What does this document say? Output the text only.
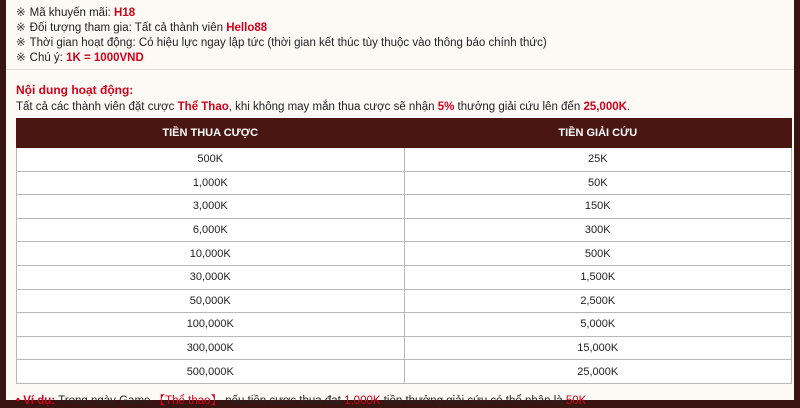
※ Mã khuyến mãi: H18
※ Đối tượng tham gia: Tất cả thành viên Hello88
※ Thời gian hoạt động: Có hiệu lực ngay lập tức (thời gian kết thúc tùy thuộc vào thông báo chính thức)
※ Chú ý: 1K = 1000VND
Nội dung hoạt động:
Tất cả các thành viên đặt cược Thể Thao, khi không may mắn thua cược sẽ nhận 5% thưởng giải cứu lên đến 25,000K.
TIỀN THUA CƯỢC	TIỀN GIẢI CỨU
500K	25K
1,000K	50K
3,000K	150K
6,000K	300K
10,000K	500K
30,000K	1,500K
50,000K	2,500K
100,000K	5,000K
300,000K	15,000K
500,000K	25,000K
• Ví dụ: Trong ngày Game 【Thể thao】 nếu tiền cược thua đạt 1,000K tiền thưởng giải cứu có thể nhận là 50K
